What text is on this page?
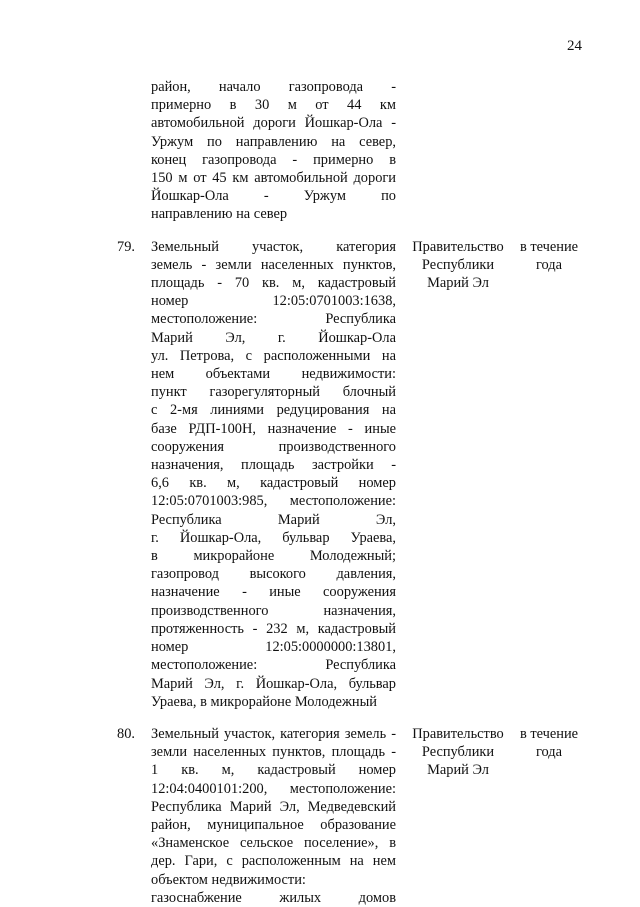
24
район, начало газопровода -
примерно в 30 м от 44 км
автомобильной дороги Йошкар-Ола -
Уржум по направлению на север,
конец газопровода - примерно в
150 м от 45 км автомобильной дороги
Йошкар-Ола - Уржум по
направлению на север
79. Земельный участок, категория
земель - земли населенных пунктов,
площадь - 70 кв. м, кадастровый
номер 12:05:0701003:1638,
местоположение: Республика
Марий Эл, г. Йошкар-Ола
ул. Петрова, с расположенными на
нем объектами недвижимости:
пункт газорегуляторный блочный
с 2-мя линиями редуцирования на
базе РДП-100Н, назначение - иные
сооружения производственного
назначения, площадь застройки -
6,6 кв. м, кадастровый номер
12:05:0701003:985, местоположение:
Республика Марий Эл,
г. Йошкар-Ола, бульвар Ураева,
в микрорайоне Молодежный;
газопровод высокого давления,
назначение - иные сооружения
производственного назначения,
протяженность - 232 м, кадастровый
номер 12:05:0000000:13801,
местоположение: Республика
Марий Эл, г. Йошкар-Ола, бульвар
Ураева, в микрорайоне Молодежный
Правительство
Республики
Марий Эл
в течение
года
80. Земельный участок, категория земель -
земли населенных пунктов, площадь -
1 кв. м, кадастровый номер
12:04:0400101:200, местоположение:
Республика Марий Эл, Медведевский
район, муниципальное образование
«Знаменское сельское поселение», в
дер. Гари, с расположенным на нем
объектом недвижимости:
газоснабжение жилых домов
Правительство
Республики
Марий Эл
в течение
года
